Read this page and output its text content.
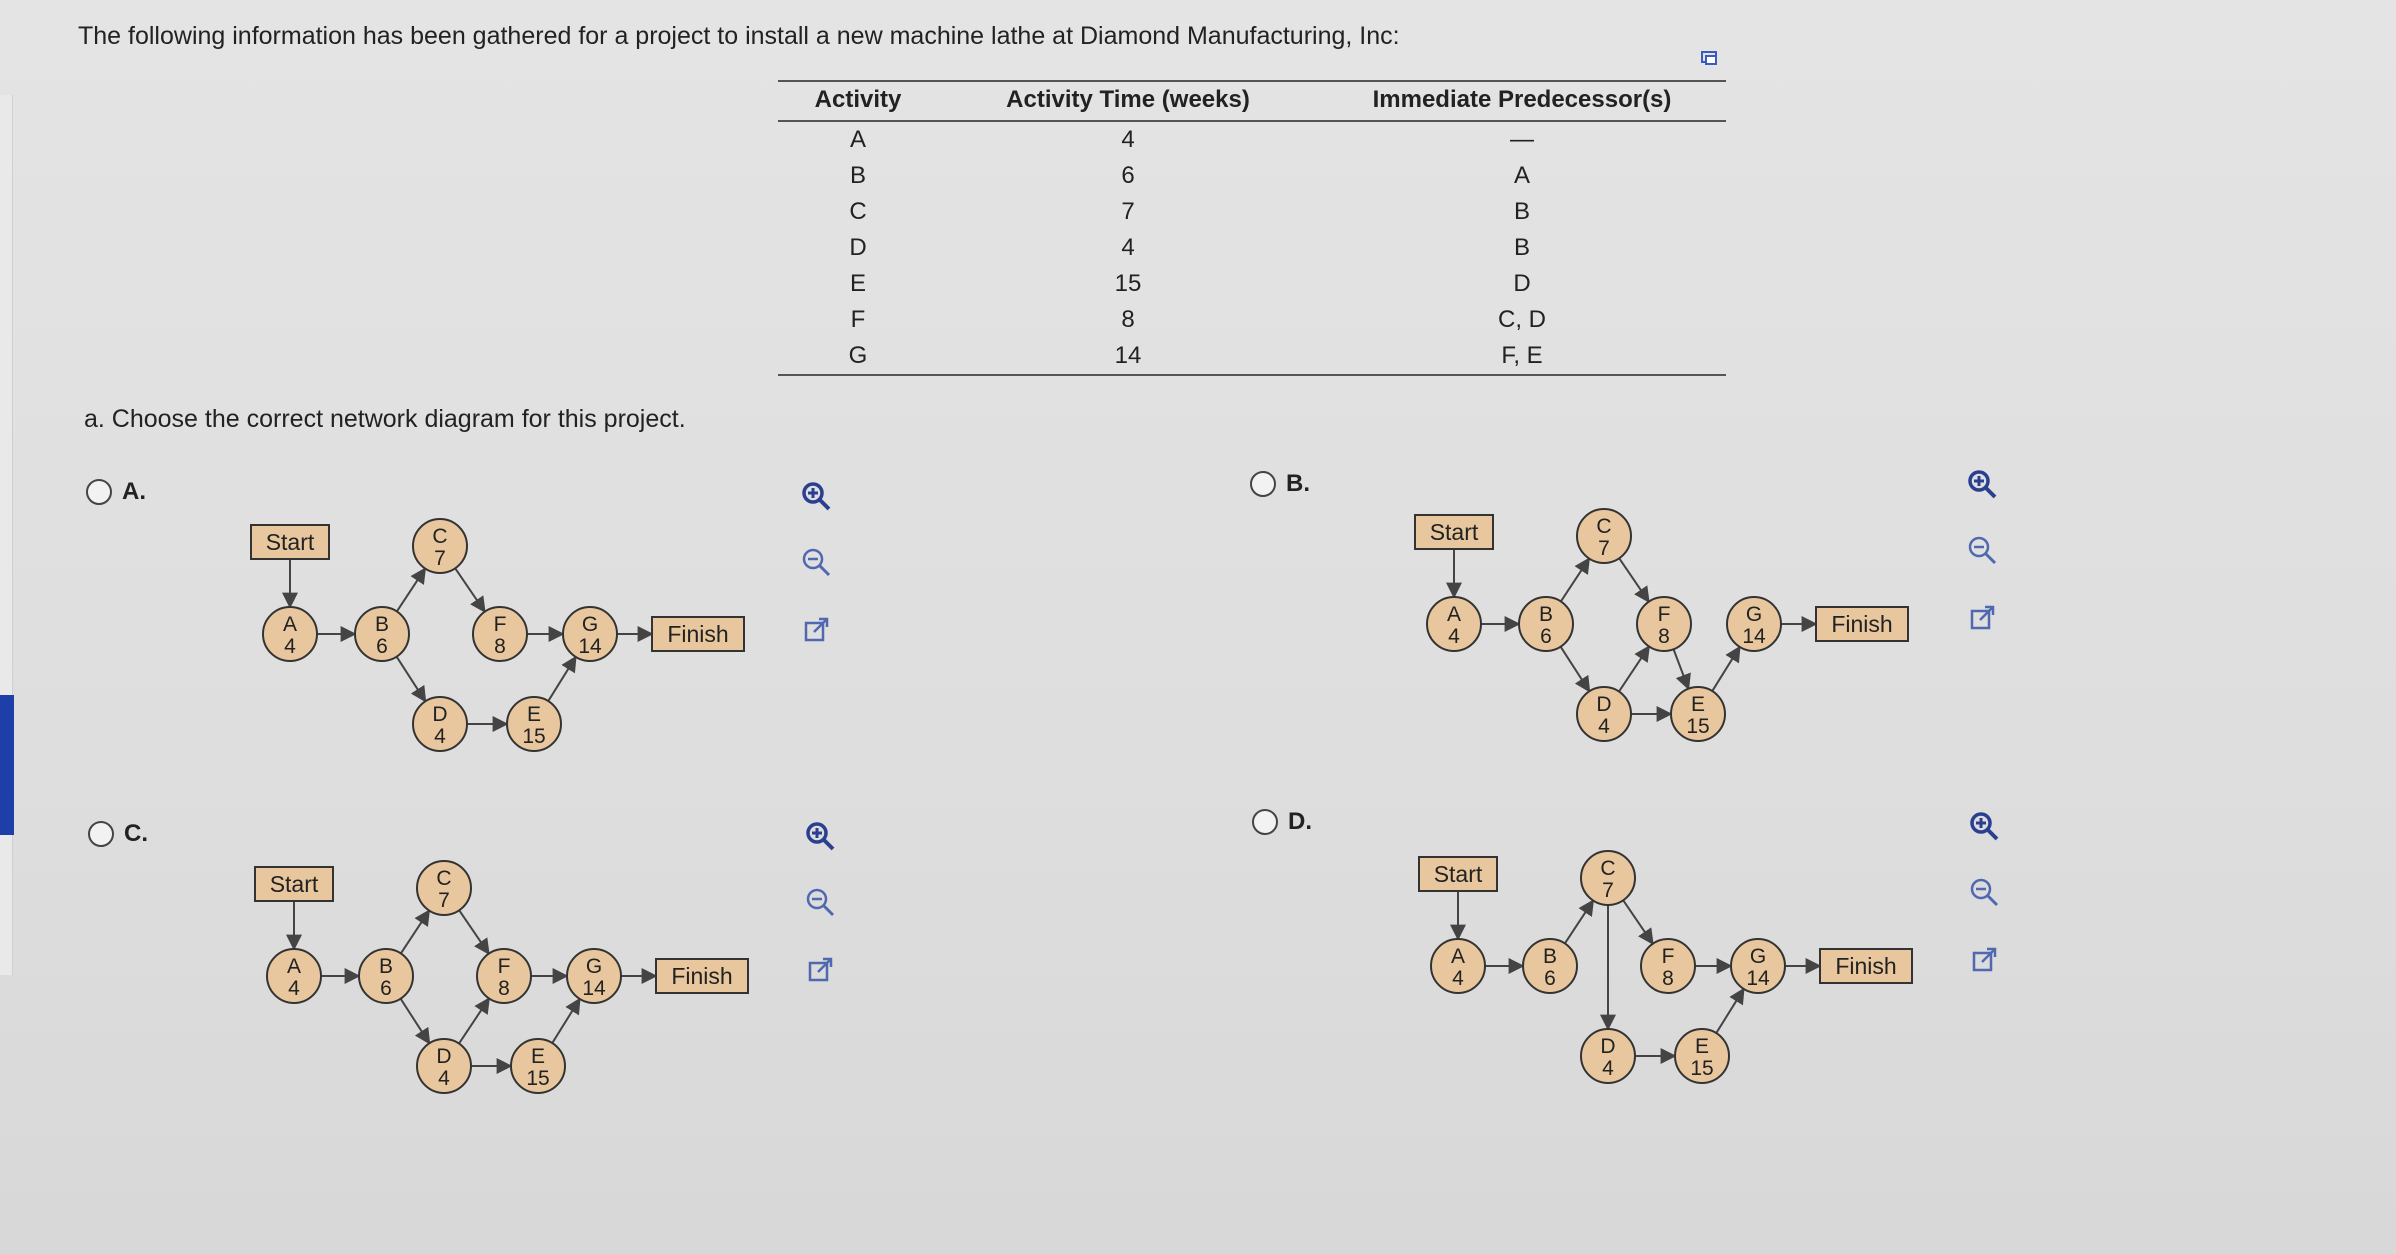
The following information has been gathered for a project to install a new machine lathe at Diamond Manufacturing, Inc:
Activity	Activity Time (weeks)	Immediate Predecessor(s)
A	4	—
B	6	A
C	7	B
D	4	B
E	15	D
F	8	C, D
G	14	F, E
a. Choose the correct network diagram for this project.
A.
Start
Finish
A
4
B
6
C
7
D
4
E
15
F
8
G
14
B.
Start
Finish
A
4
B
6
C
7
D
4
E
15
F
8
G
14
C.
Start
Finish
A
4
B
6
C
7
D
4
E
15
F
8
G
14
D.
Start
Finish
A
4
B
6
C
7
D
4
E
15
F
8
G
14
